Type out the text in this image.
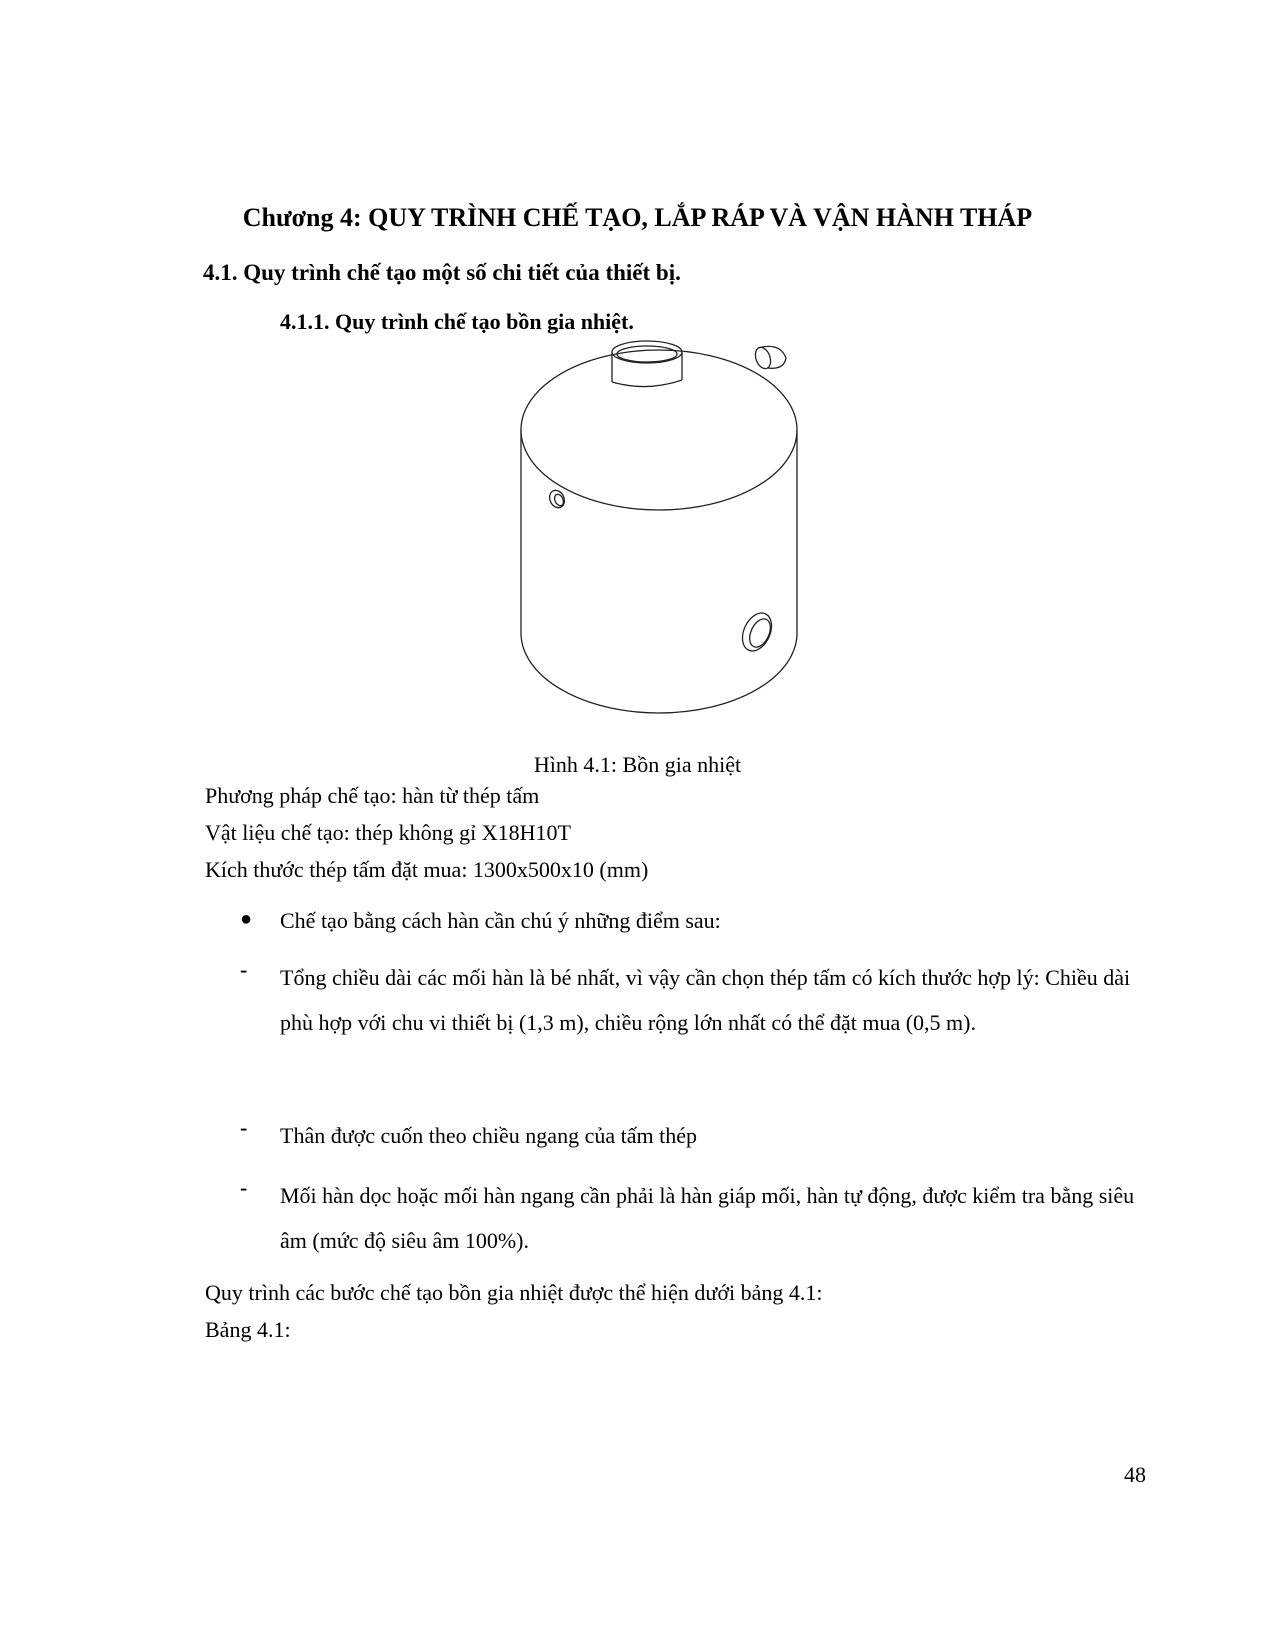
Chương 4: QUY TRÌNH CHẾ TẠO, LẮP RÁP VÀ VẬN HÀNH THÁP
4.1. Quy trình chế tạo một số chi tiết của thiết bị.
4.1.1. Quy trình chế tạo bồn gia nhiệt.
Hình 4.1: Bồn gia nhiệt
Phương pháp chế tạo: hàn từ thép tấm
Vật liệu chế tạo: thép không gỉ X18H10T
Kích thước thép tấm đặt mua: 1300x500x10 (mm)
● Chế tạo bằng cách hàn cần chú ý những điểm sau:
- Tổng chiều dài các mối hàn là bé nhất, vì vậy cần chọn thép tấm có kích thước hợp lý: Chiều dài phù hợp với chu vi thiết bị (1,3 m), chiều rộng lớn nhất có thể đặt mua (0,5 m).
- Thân được cuốn theo chiều ngang của tấm thép
- Mối hàn dọc hoặc mối hàn ngang cần phải là hàn giáp mối, hàn tự động, được kiểm tra bằng siêu âm (mức độ siêu âm 100%).
Quy trình các bước chế tạo bồn gia nhiệt được thể hiện dưới bảng 4.1:
Bảng 4.1:
48
